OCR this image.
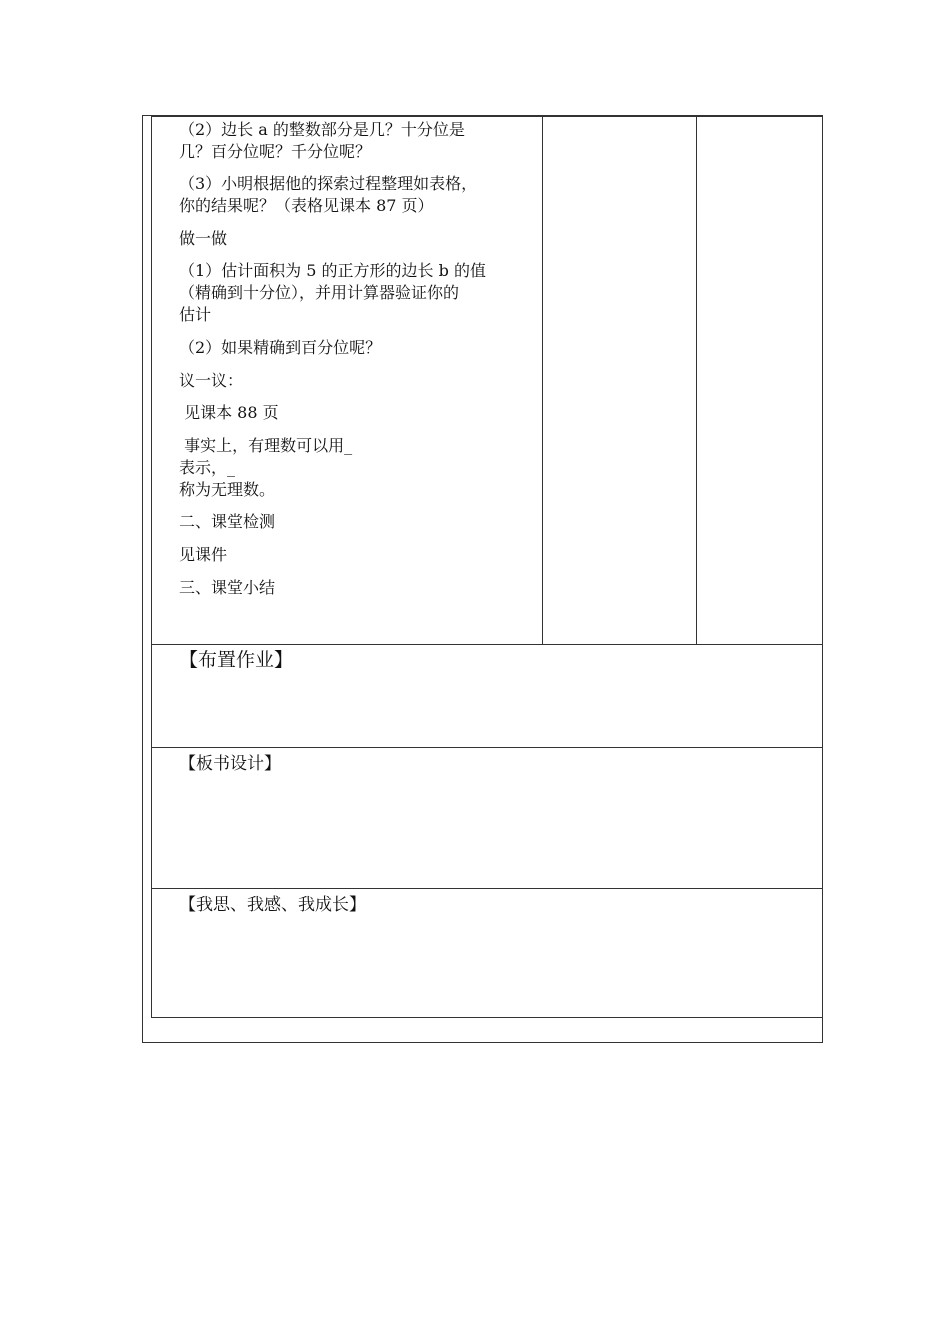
（2）边长 a 的整数部分是几？十分位是
几？百分位呢？千分位呢？
（3）小明根据他的探索过程整理如表格，
你的结果呢？（表格见课本 87 页）
做一做
（1）估计面积为 5 的正方形的边长 b 的值
（精确到十分位），并用计算器验证你的
估计
（2）如果精确到百分位呢？
议一议：
见课本 88 页
事实上，有理数可以用_
表示，_
称为无理数。
二、课堂检测
见课件
三、课堂小结
【布置作业】
【板书设计】
【我思、我感、我成长】
